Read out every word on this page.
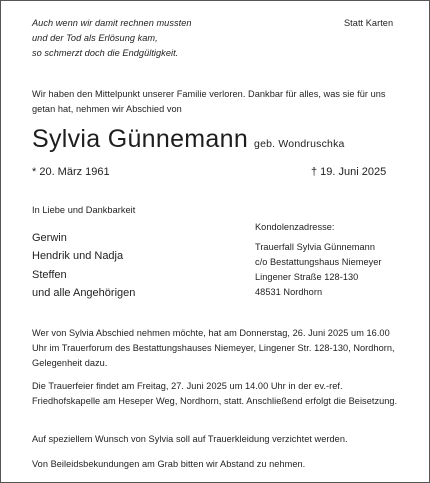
Auch wenn wir damit rechnen mussten
und der Tod als Erlösung kam,
so schmerzt doch die Endgültigkeit.
Statt Karten
Wir haben den Mittelpunkt unserer Familie verloren. Dankbar für alles, was sie für uns getan hat, nehmen wir Abschied von
Sylvia Günnemann geb. Wondruschka
* 20. März 1961	† 19. Juni 2025
In Liebe und Dankbarkeit
Gerwin
Hendrik und Nadja
Steffen
und alle Angehörigen
Kondolenzadresse:
Trauerfall Sylvia Günnemann
c/o Bestattungshaus Niemeyer
Lingener Straße 128-130
48531 Nordhorn
Wer von Sylvia Abschied nehmen möchte, hat am Donnerstag, 26. Juni 2025 um 16.00 Uhr im Trauerforum des Bestattungshauses Niemeyer, Lingener Str. 128-130, Nordhorn, Gelegenheit dazu.
Die Trauerfeier findet am Freitag, 27. Juni 2025 um 14.00 Uhr in der ev.-ref. Friedhofskapelle am Heseper Weg, Nordhorn, statt. Anschließend erfolgt die Beisetzung.
Auf speziellem Wunsch von Sylvia soll auf Trauerkleidung verzichtet werden.
Von Beileidsbekundungen am Grab bitten wir Abstand zu nehmen.
